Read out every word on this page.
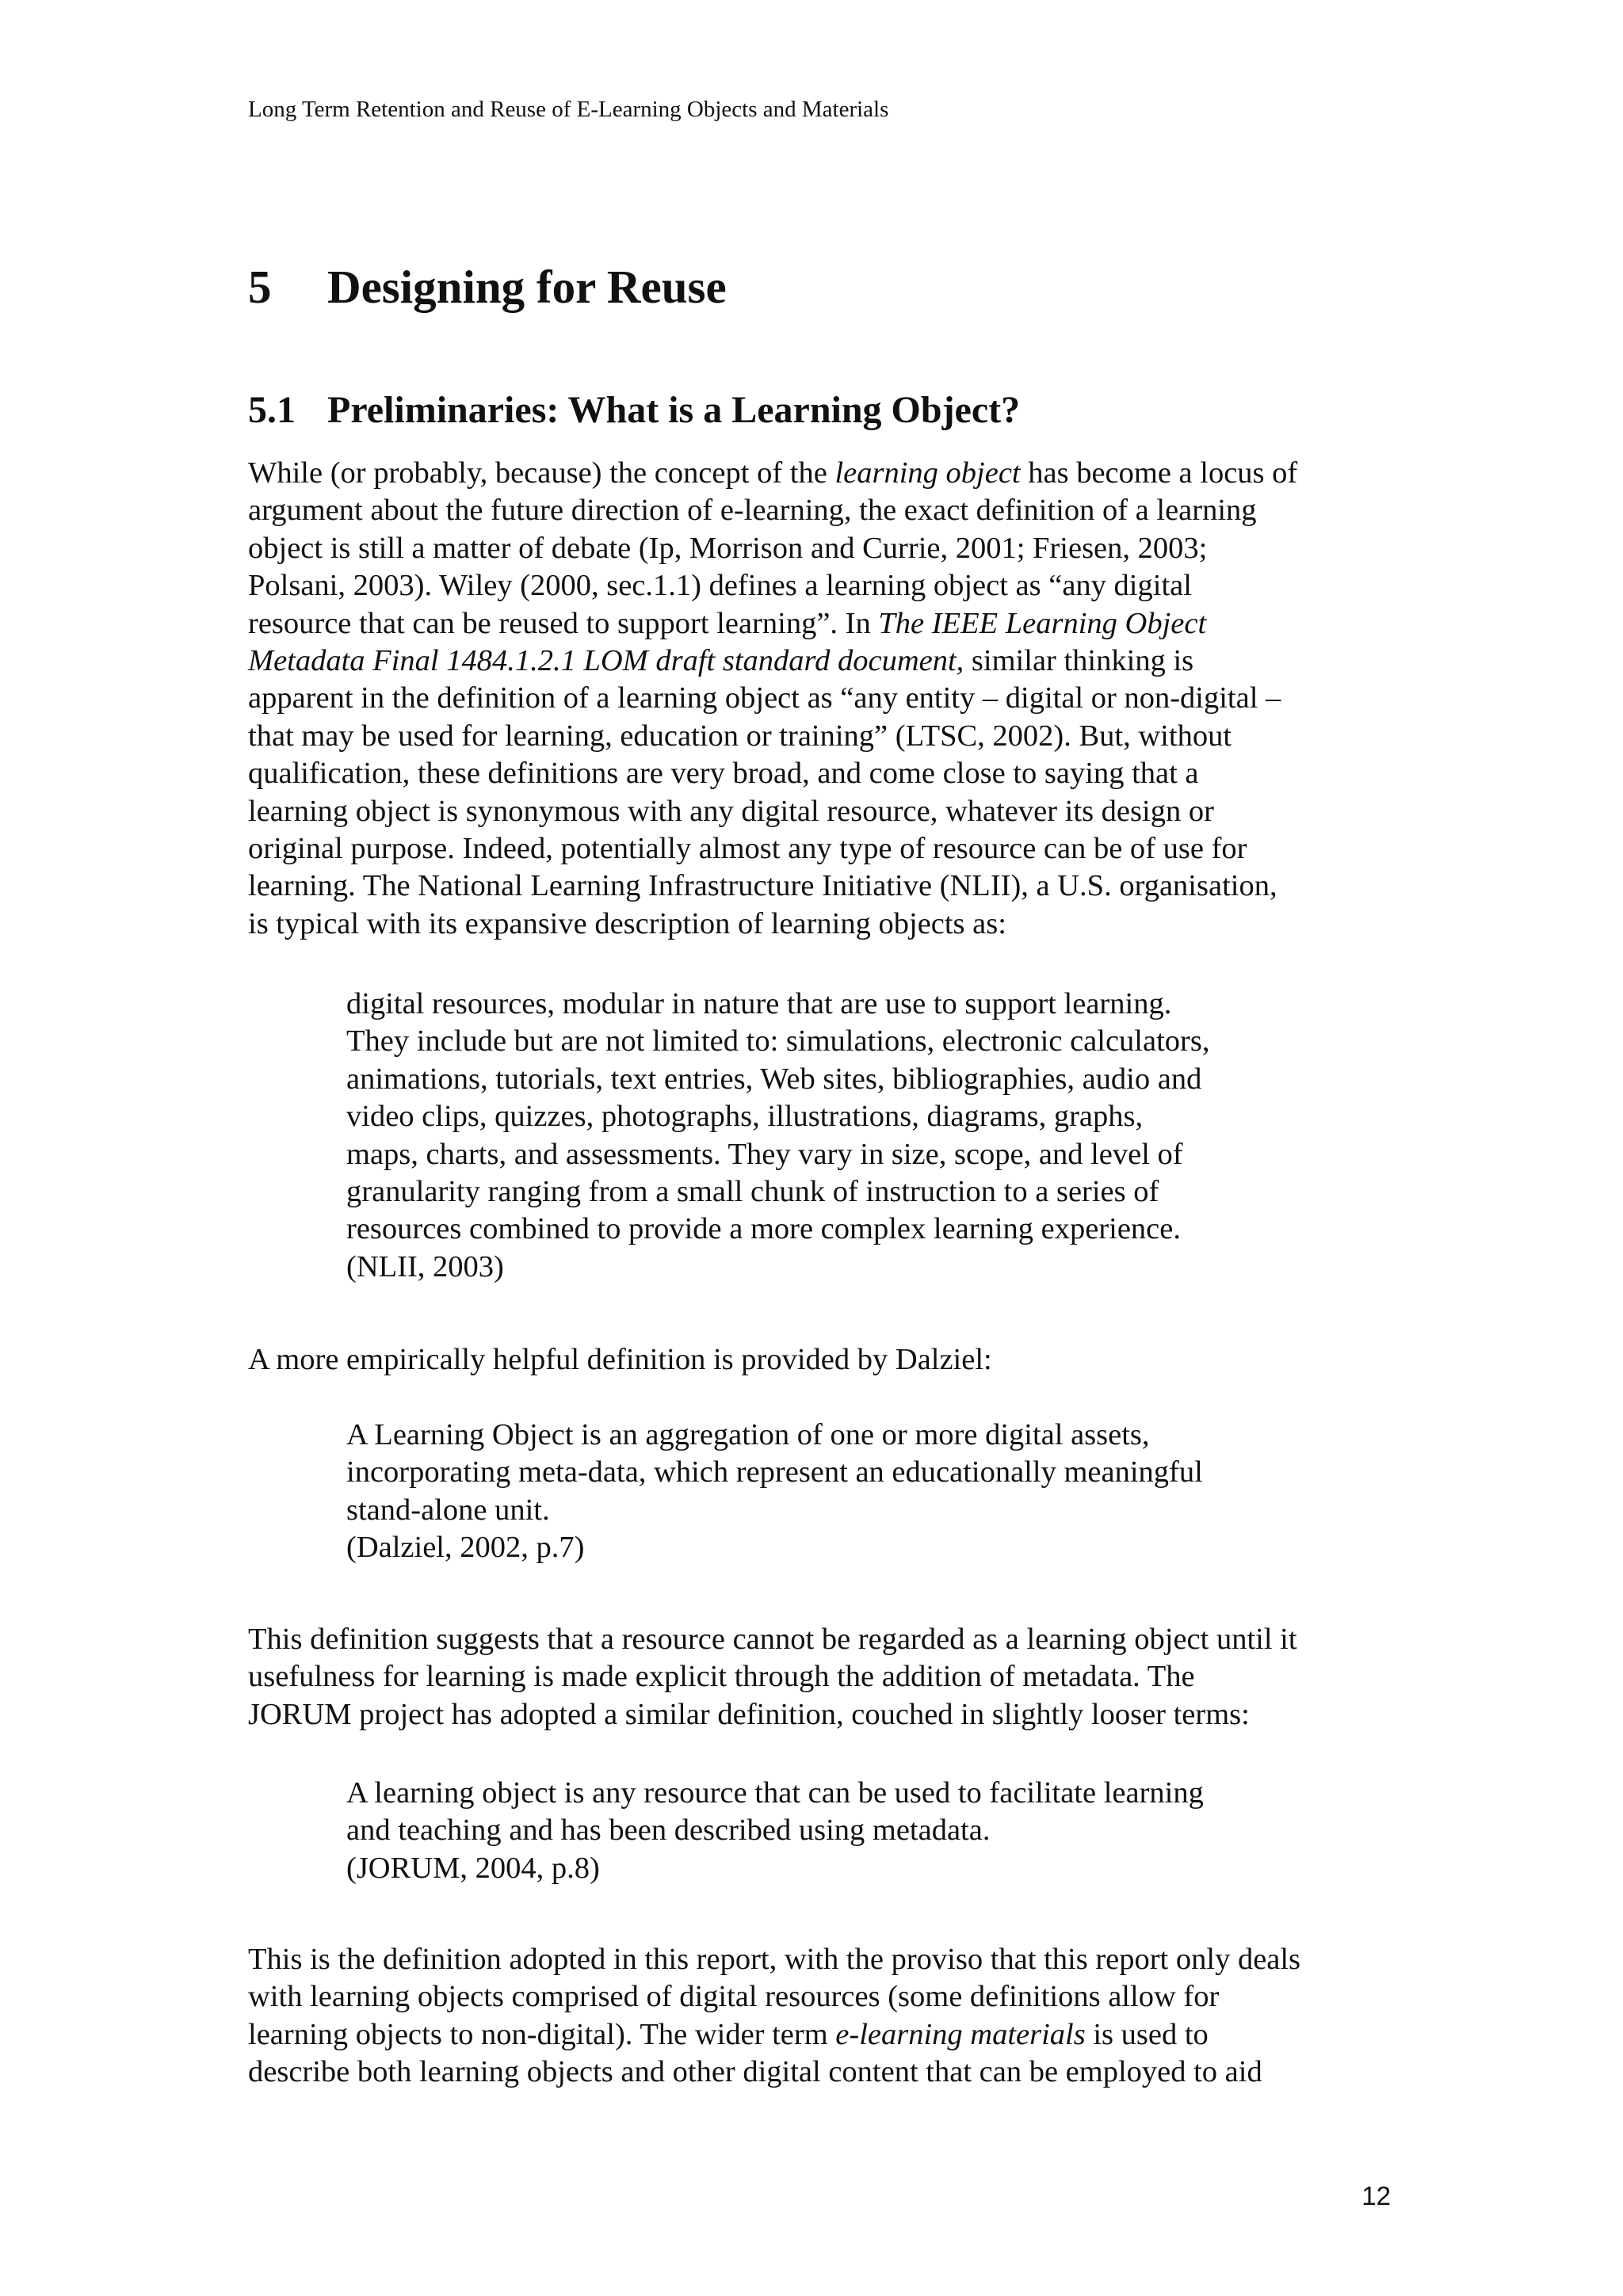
Long Term Retention and Reuse of E-Learning Objects and Materials
5 Designing for Reuse
5.1 Preliminaries: What is a Learning Object?
While (or probably, because) the concept of the learning object has become a locus of
argument about the future direction of e-learning, the exact definition of a learning
object is still a matter of debate (Ip, Morrison and Currie, 2001; Friesen, 2003;
Polsani, 2003). Wiley (2000, sec.1.1) defines a learning object as “any digital
resource that can be reused to support learning”. In The IEEE Learning Object
Metadata Final 1484.1.2.1 LOM draft standard document, similar thinking is
apparent in the definition of a learning object as “any entity – digital or non-digital –
that may be used for learning, education or training” (LTSC, 2002). But, without
qualification, these definitions are very broad, and come close to saying that a
learning object is synonymous with any digital resource, whatever its design or
original purpose. Indeed, potentially almost any type of resource can be of use for
learning. The National Learning Infrastructure Initiative (NLII), a U.S. organisation,
is typical with its expansive description of learning objects as:
digital resources, modular in nature that are use to support learning.
They include but are not limited to: simulations, electronic calculators,
animations, tutorials, text entries, Web sites, bibliographies, audio and
video clips, quizzes, photographs, illustrations, diagrams, graphs,
maps, charts, and assessments. They vary in size, scope, and level of
granularity ranging from a small chunk of instruction to a series of
resources combined to provide a more complex learning experience.
(NLII, 2003)
A more empirically helpful definition is provided by Dalziel:
A Learning Object is an aggregation of one or more digital assets,
incorporating meta-data, which represent an educationally meaningful
stand-alone unit.
(Dalziel, 2002, p.7)
This definition suggests that a resource cannot be regarded as a learning object until it
usefulness for learning is made explicit through the addition of metadata. The
JORUM project has adopted a similar definition, couched in slightly looser terms:
A learning object is any resource that can be used to facilitate learning
and teaching and has been described using metadata.
(JORUM, 2004, p.8)
This is the definition adopted in this report, with the proviso that this report only deals
with learning objects comprised of digital resources (some definitions allow for
learning objects to non-digital). The wider term e-learning materials is used to
describe both learning objects and other digital content that can be employed to aid
12
